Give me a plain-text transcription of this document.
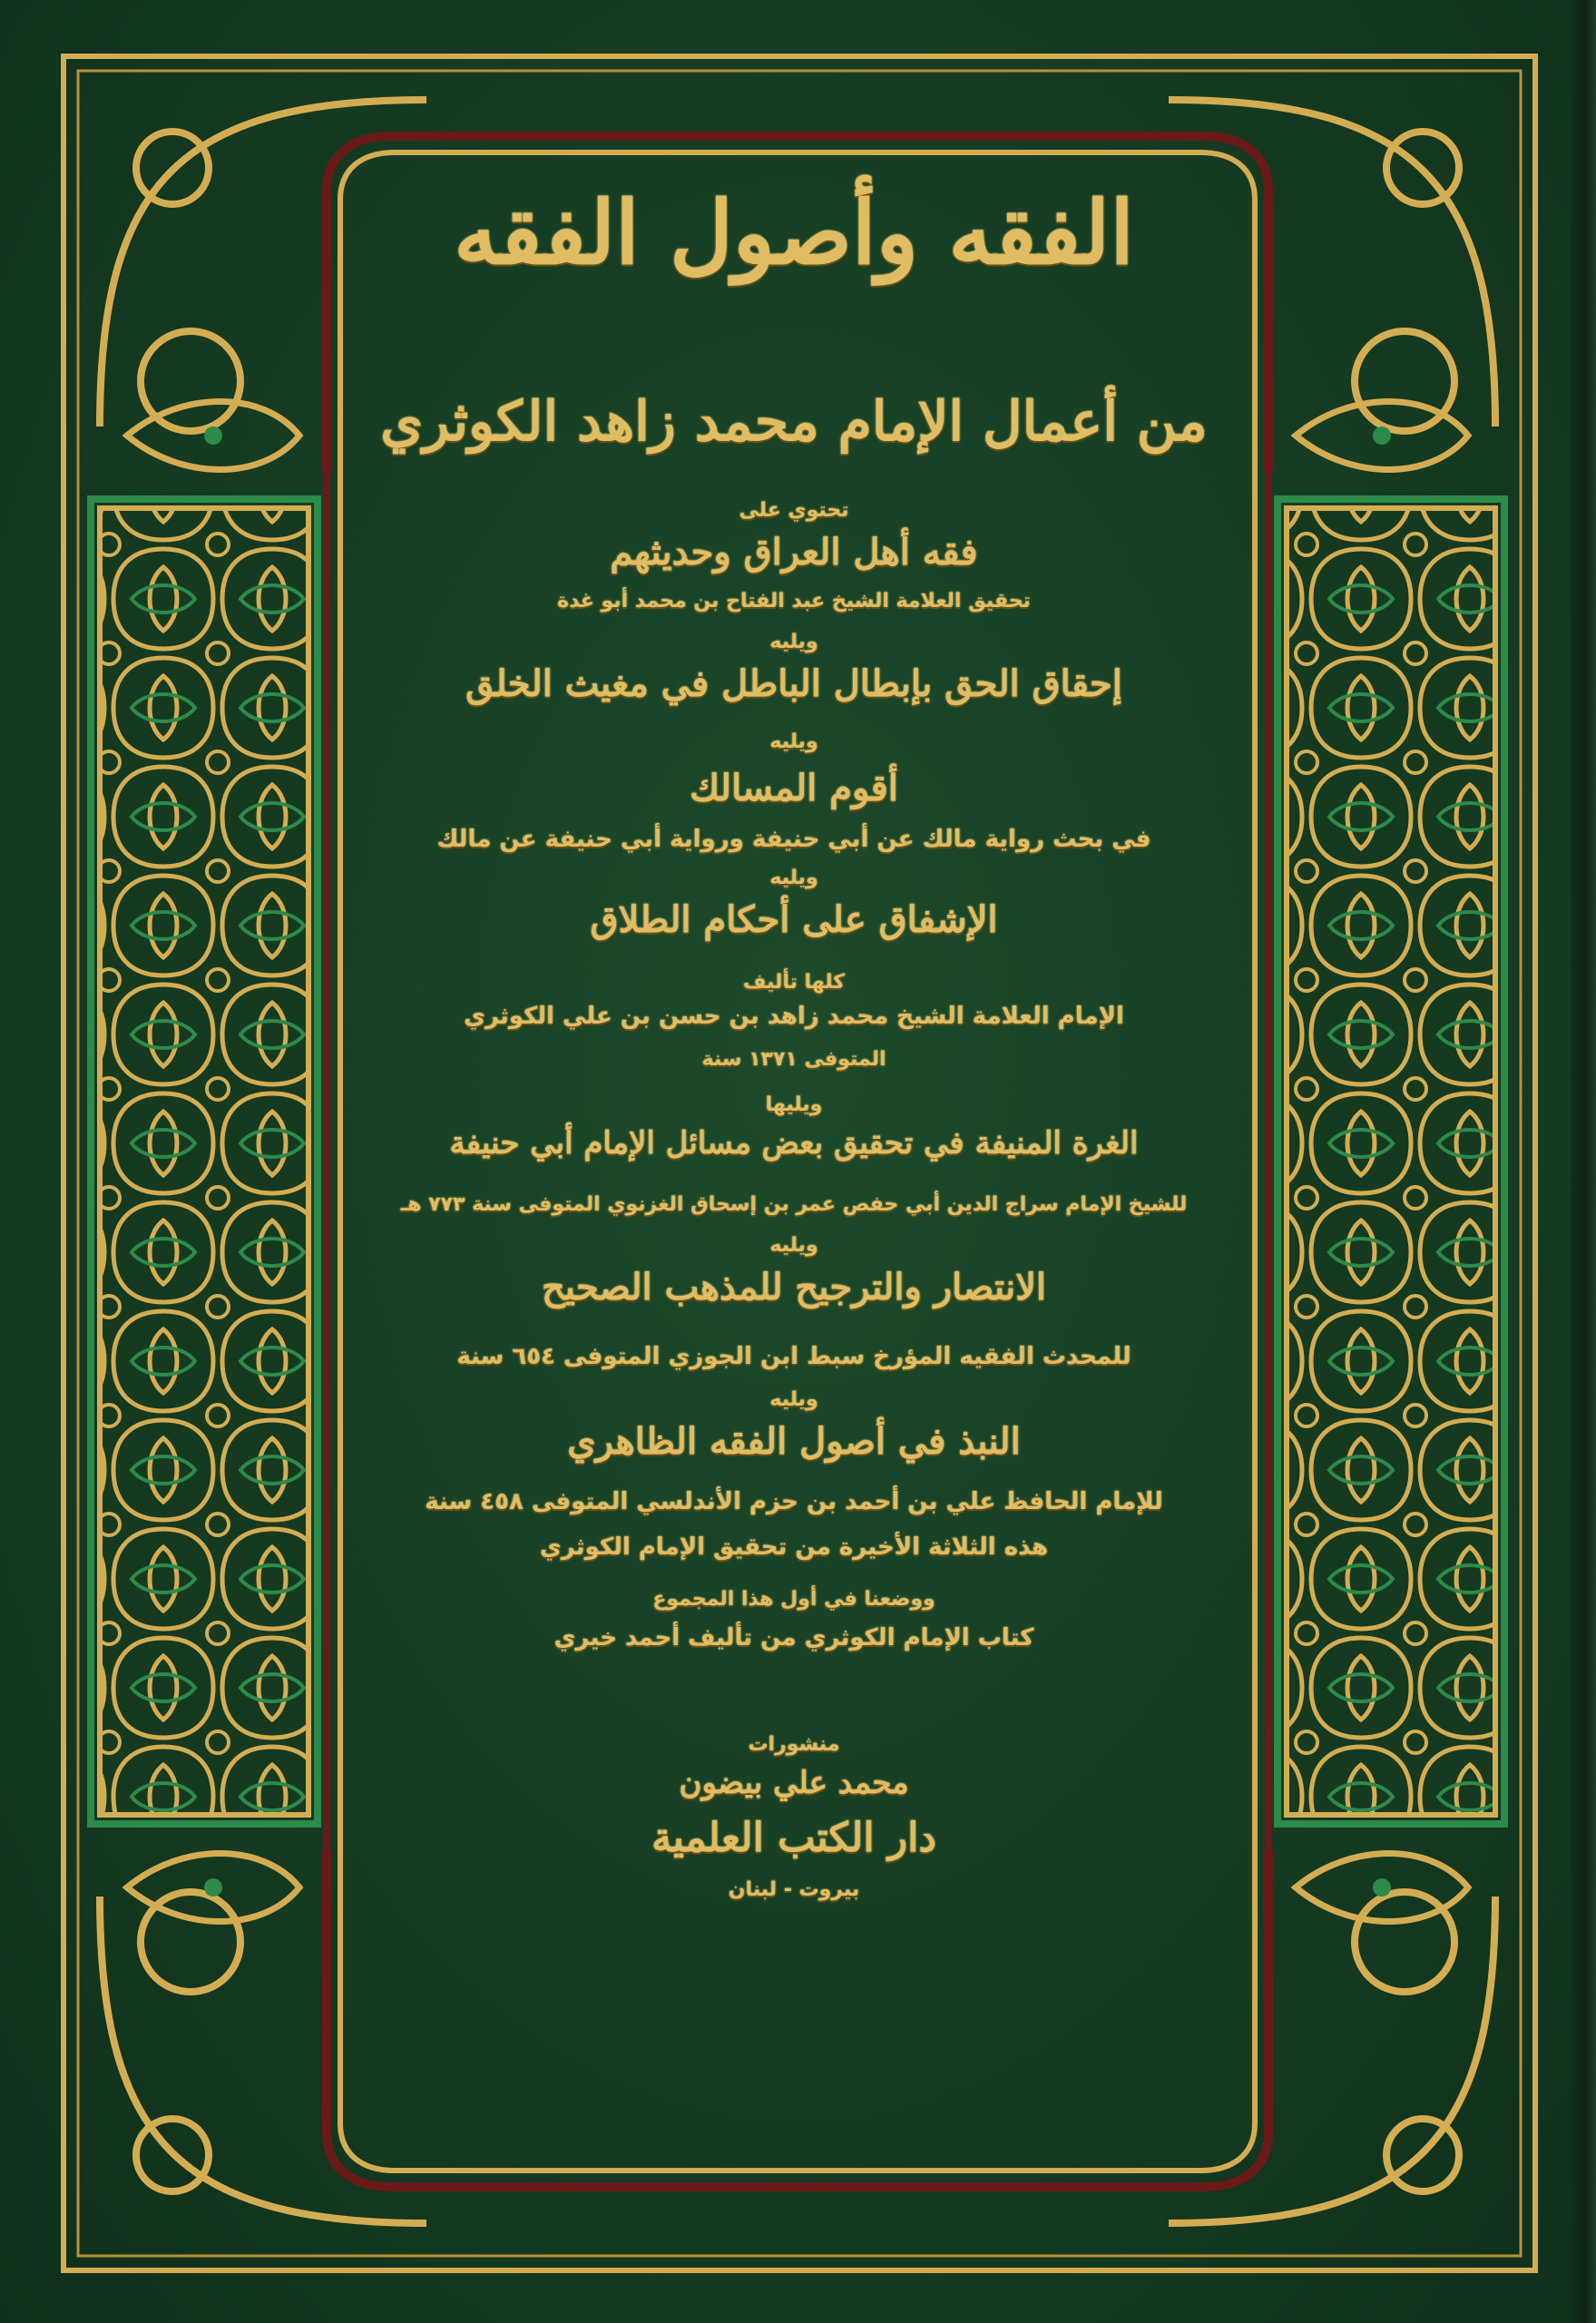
الفقه وأصول الفقه
من أعمال الإمام محمد زاهد الكوثري
تحتوي على
فقه أهل العراق وحديثهم
تحقيق العلامة الشيخ عبد الفتاح بن محمد أبو غدة
ويليه
إحقاق الحق بإبطال الباطل في مغيث الخلق
ويليه
أقوم المسالك
في بحث رواية مالك عن أبي حنيفة ورواية أبي حنيفة عن مالك
ويليه
الإشفاق على أحكام الطلاق
كلها تأليف
الإمام العلامة الشيخ محمد زاهد بن حسن بن علي الكوثري
المتوفى ١٣٧١ سنة
ويليها
الغرة المنيفة في تحقيق بعض مسائل الإمام أبي حنيفة
للشيخ الإمام سراج الدين أبي حفص عمر بن إسحاق الغزنوي المتوفى سنة ٧٧٣ هـ
ويليه
الانتصار والترجيح للمذهب الصحيح
للمحدث الفقيه المؤرخ سبط ابن الجوزي المتوفى ٦٥٤ سنة
ويليه
النبذ في أصول الفقه الظاهري
للإمام الحافظ علي بن أحمد بن حزم الأندلسي المتوفى ٤٥٨ سنة
هذه الثلاثة الأخيرة من تحقيق الإمام الكوثري
ووضعنا في أول هذا المجموع
كتاب الإمام الكوثري من تأليف أحمد خيري
منشورات
محمد علي بيضون
دار الكتب العلمية
بيروت - لبنان
